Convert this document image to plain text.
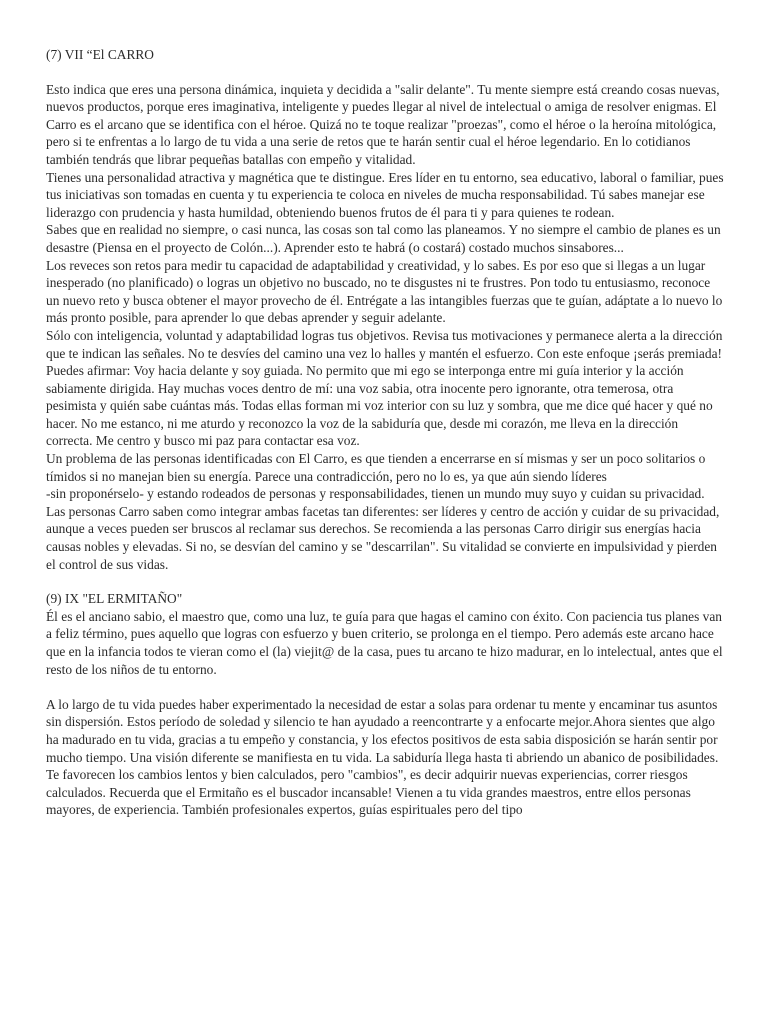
(7) VII “El CARRO

Esto indica que eres una persona dinámica, inquieta y decidida a "salir delante". Tu mente siempre está creando cosas nuevas, nuevos productos, porque eres imaginativa, inteligente y puedes llegar al nivel de intelectual o amiga de resolver enigmas. El Carro es el arcano que se identifica con el héroe. Quizá no te toque realizar "proezas", como el héroe o la heroína mitológica, pero si te enfrentas a lo largo de tu vida a una serie de retos que te harán sentir cual el héroe legendario. En lo cotidianos también tendrás que librar pequeñas batallas con empeño y vitalidad.

Tienes una personalidad atractiva y magnética que te distingue. Eres líder en tu entorno, sea educativo, laboral o familiar, pues tus iniciativas son tomadas en cuenta y tu experiencia te coloca en niveles de mucha responsabilidad. Tú sabes manejar ese liderazgo con prudencia y hasta humildad, obteniendo buenos frutos de él para ti y para quienes te rodean.

Sabes que en realidad no siempre, o casi nunca, las cosas son tal como las planeamos. Y no siempre el cambio de planes es un desastre (Piensa en el proyecto de Colón...). Aprender esto te habrá (o costará) costado muchos sinsabores...

Los reveces son retos para medir tu capacidad de adaptabilidad y creatividad, y lo sabes. Es por eso que si llegas a un lugar inesperado (no planificado) o logras un objetivo no buscado, no te disgustes ni te frustres. Pon todo tu entusiasmo, reconoce un nuevo reto y busca obtener el mayor provecho de él. Entrégate a las intangibles fuerzas que te guían, adáptate a lo nuevo lo más pronto posible, para aprender lo que debas aprender y seguir adelante.

Sólo con inteligencia, voluntad y adaptabilidad logras tus objetivos. Revisa tus motivaciones y permanece alerta a la dirección que te indican las señales. No te desvíes del camino una vez lo halles y mantén el esfuerzo. Con este enfoque ¡serás premiada!

Puedes afirmar: Voy hacia delante y soy guiada. No permito que mi ego se interponga entre mi guía interior y la acción sabiamente dirigida. Hay muchas voces dentro de mí: una voz sabia, otra inocente pero ignorante, otra temerosa, otra pesimista y quién sabe cuántas más. Todas ellas forman mi voz interior con su luz y sombra, que me dice qué hacer y qué no hacer. No me estanco, ni me aturdo y reconozco la voz de la sabiduría que, desde mi corazón, me lleva en la dirección correcta. Me centro y busco mi paz para contactar esa voz.

Un problema de las personas identificadas con El Carro, es que tienden a encerrarse en sí mismas y ser un poco solitarios o tímidos si no manejan bien su energía. Parece una contradicción, pero no lo es, ya que aún siendo líderes

-sin proponérselo- y estando rodeados de personas y responsabilidades, tienen un mundo muy suyo y cuidan su privacidad.

Las personas Carro saben como integrar ambas facetas tan diferentes: ser líderes y centro de acción y cuidar de su privacidad, aunque a veces pueden ser bruscos al reclamar sus derechos. Se recomienda a las personas Carro dirigir sus energías hacia causas nobles y elevadas. Si no, se desvían del camino y se "descarrilan". Su vitalidad se convierte en impulsividad y pierden el control de sus vidas.

(9) IX "EL ERMITAÑO"

Él es el anciano sabio, el maestro que, como una luz, te guía para que hagas el camino con éxito. Con paciencia tus planes van a feliz término, pues aquello que logras con esfuerzo y buen criterio, se prolonga en el tiempo. Pero además este arcano hace que en la infancia todos te vieran como el (la) viejit@ de la casa, pues tu arcano te hizo madurar, en lo intelectual, antes que el resto de los niños de tu entorno.

A lo largo de tu vida puedes haber experimentado la necesidad de estar a solas para ordenar tu mente y encaminar tus asuntos sin dispersión. Estos período de soledad y silencio te han ayudado a reencontrarte y a enfocarte mejor.Ahora sientes que algo ha madurado en tu vida, gracias a tu empeño y constancia, y los efectos positivos de esta sabia disposición se harán sentir por mucho tiempo. Una visión diferente se manifiesta en tu vida. La sabiduría llega hasta ti abriendo un abanico de posibilidades.

Te favorecen los cambios lentos y bien calculados, pero "cambios", es decir adquirir nuevas experiencias, correr riesgos calculados. Recuerda que el Ermitaño es el buscador incansable! Vienen a tu vida grandes maestros, entre ellos personas mayores, de experiencia. También profesionales expertos, guías espirituales pero del tipo
